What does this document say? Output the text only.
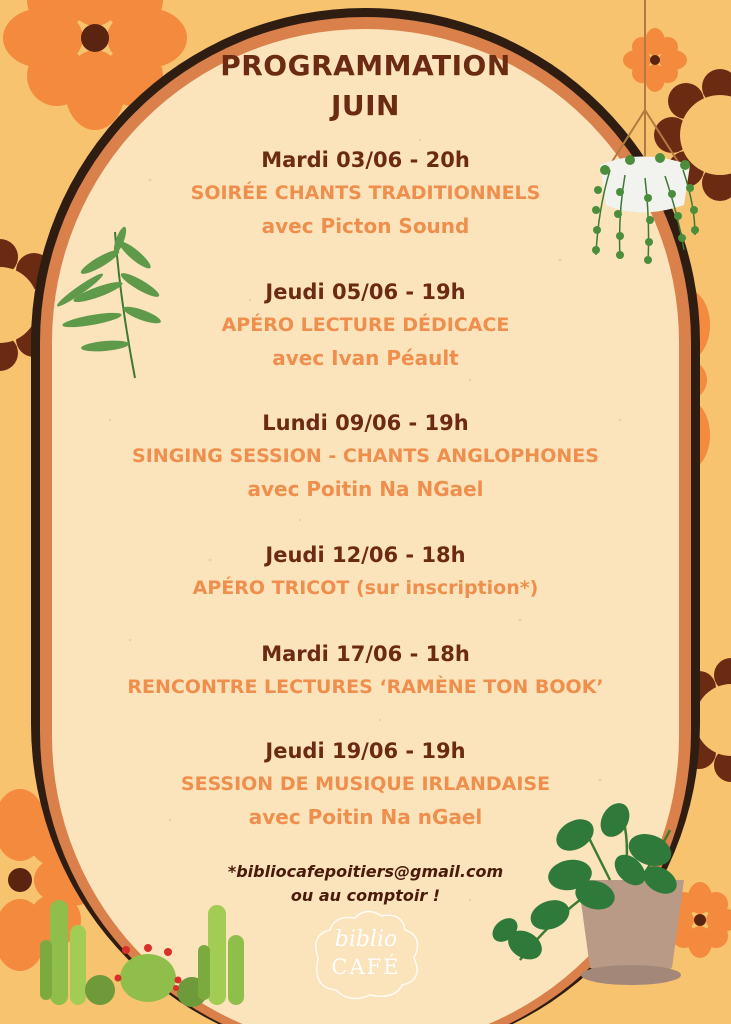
PROGRAMMATION
JUIN
Mardi 03/06 - 20h
SOIRÉE CHANTS TRADITIONNELS
avec Picton Sound
Jeudi 05/06 - 19h
APÉRO LECTURE DÉDICACE
avec Ivan Péault
Lundi 09/06 - 19h
SINGING SESSION - CHANTS ANGLOPHONES
avec Poitin Na NGael
Jeudi 12/06 - 18h
APÉRO TRICOT (sur inscription*)
Mardi 17/06 - 18h
RENCONTRE LECTURES ‘RAMÈNE TON BOOK’
Jeudi 19/06 - 19h
SESSION DE MUSIQUE IRLANDAISE
avec Poitin Na nGael
*bibliocafepoitiers@gmail.com
ou au comptoir !
biblio
CAFÉ
